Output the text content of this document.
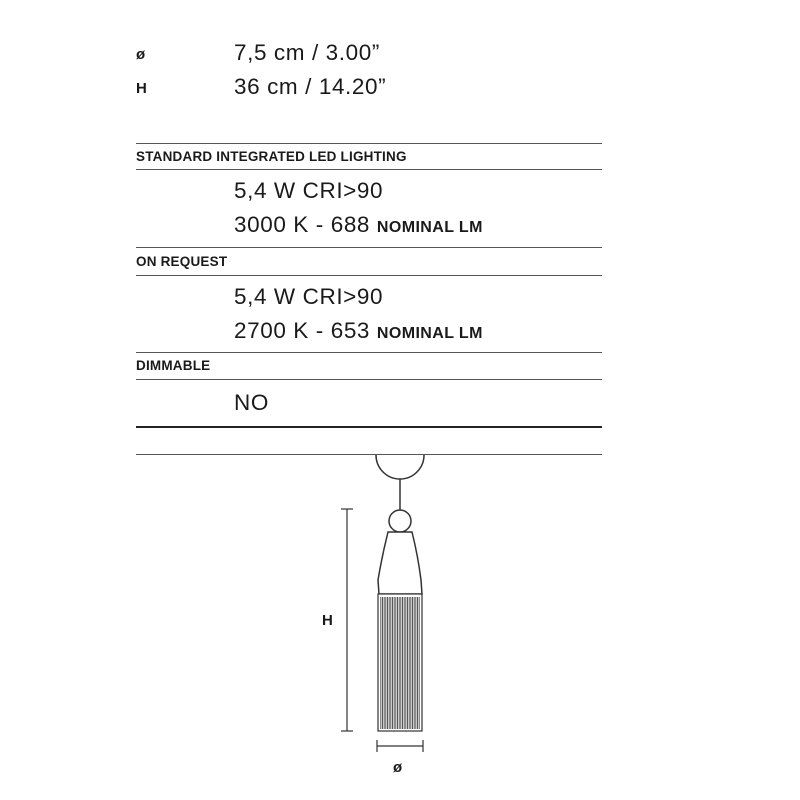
ø	7,5 cm / 3.00”
H	36 cm / 14.20”
STANDARD INTEGRATED LED LIGHTING
5,4 W CRI>90
3000 K - 688 NOMINAL LM
ON REQUEST
5,4 W CRI>90
2700 K - 653 NOMINAL LM
DIMMABLE
NO
H
ø
